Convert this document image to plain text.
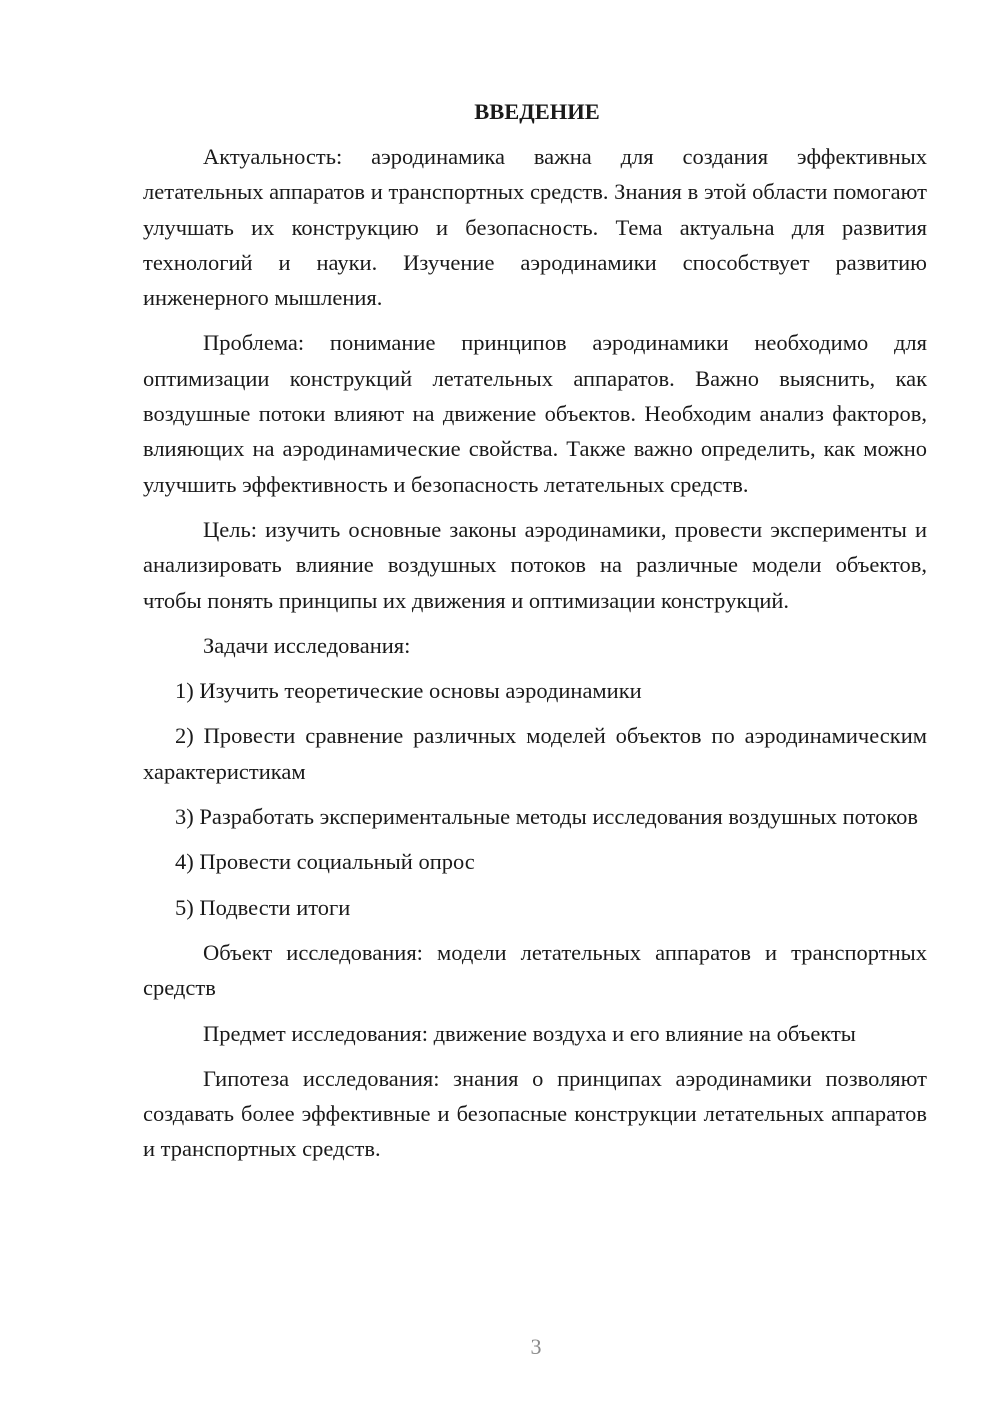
ВВЕДЕНИЕ

Актуальность: аэродинамика важна для создания эффективных летательных аппаратов и транспортных средств. Знания в этой области помогают улучшать их конструкцию и безопасность. Тема актуальна для развития технологий и науки. Изучение аэродинамики способствует развитию инженерного мышления.

Проблема: понимание принципов аэродинамики необходимо для оптимизации конструкций летательных аппаратов. Важно выяснить, как воздушные потоки влияют на движение объектов. Необходим анализ факторов, влияющих на аэродинамические свойства. Также важно определить, как можно улучшить эффективность и безопасность летательных средств.

Цель: изучить основные законы аэродинамики, провести эксперименты и анализировать влияние воздушных потоков на различные модели объектов, чтобы понять принципы их движения и оптимизации конструкций.

Задачи исследования:

1) Изучить теоретические основы аэродинамики

2) Провести сравнение различных моделей объектов по аэродинамическим характеристикам

3) Разработать экспериментальные методы исследования воздушных потоков

4) Провести социальный опрос

5) Подвести итоги

Объект исследования: модели летательных аппаратов и транспортных средств

Предмет исследования: движение воздуха и его влияние на объекты

Гипотеза исследования: знания о принципах аэродинамики позволяют создавать более эффективные и безопасные конструкции летательных аппаратов и транспортных средств.

3
